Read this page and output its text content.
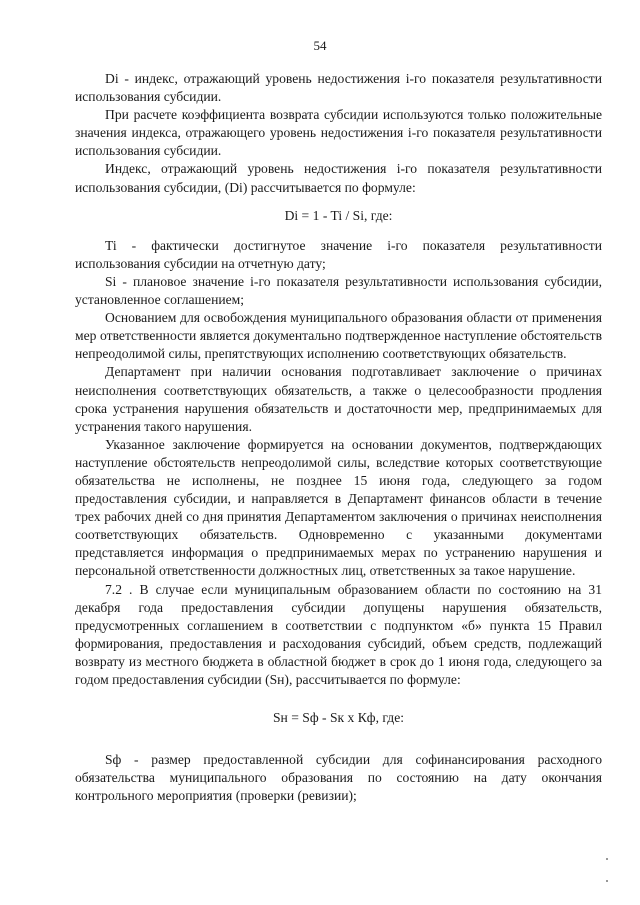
54

Di - индекс, отражающий уровень недостижения i-го показателя результативности использования субсидии.

При расчете коэффициента возврата субсидии используются только положительные значения индекса, отражающего уровень недостижения i-го показателя результативности использования субсидии.

Индекс, отражающий уровень недостижения i-го показателя результативности использования субсидии, (Di) рассчитывается по формуле:

Di = 1 - Ti / Si, где:

Ti - фактически достигнутое значение i-го показателя результативности использования субсидии на отчетную дату;

Si - плановое значение i-го показателя результативности использования субсидии, установленное соглашением;

Основанием для освобождения муниципального образования области от применения мер ответственности является документально подтвержденное наступление обстоятельств непреодолимой силы, препятствующих исполнению соответствующих обязательств.

Департамент при наличии основания подготавливает заключение о причинах неисполнения соответствующих обязательств, а также о целесообразности продления срока устранения нарушения обязательств и достаточности мер, предпринимаемых для устранения такого нарушения.

Указанное заключение формируется на основании документов, подтверждающих наступление обстоятельств непреодолимой силы, вследствие которых соответствующие обязательства не исполнены, не позднее 15 июня года, следующего за годом предоставления субсидии, и направляется в Департамент финансов области в течение трех рабочих дней со дня принятия Департаментом заключения о причинах неисполнения соответствующих обязательств. Одновременно с указанными документами представляется информация о предпринимаемых мерах по устранению нарушения и персональной ответственности должностных лиц, ответственных за такое нарушение.

7.2 . В случае если муниципальным образованием области по состоянию на 31 декабря года предоставления субсидии допущены нарушения обязательств, предусмотренных соглашением в соответствии с подпунктом «б» пункта 15 Правил формирования, предоставления и расходования субсидий, объем средств, подлежащий возврату из местного бюджета в областной бюджет в срок до 1 июня года, следующего за годом предоставления субсидии (Sн), рассчитывается по формуле:

Sн = Sф - Sк х Кф, где:

Sф - размер предоставленной субсидии для софинансирования расходного обязательства муниципального образования по состоянию на дату окончания контрольного мероприятия (проверки (ревизии);
